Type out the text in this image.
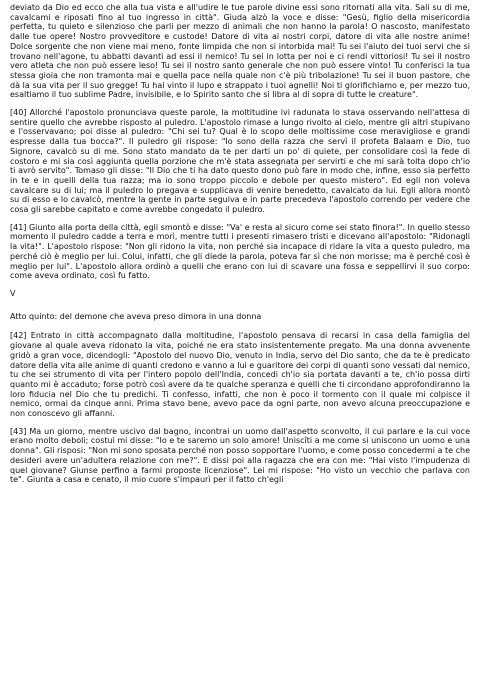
deviato da Dio ed ecco che alla tua vista e all'udire le tue parole divine essi sono ritornati alla vita. Sali su di me, cavalcami e riposati fino al tuo ingresso in città". Giuda alzò la voce e disse: "Gesù, figlio della misericordia perfetta, tu quieto e silenzioso che parli per mezzo di animali che non hanno la parola! O nascosto, manifestato dalle tue opere! Nostro provveditore e custode! Datore di vita ai nostri corpi, datore di vita alle nostre anime! Dolce sorgente che non viene mai meno, fonte limpida che non si intorbida mai! Tu sei l'aiuto dei tuoi servi che si trovano nell'agone, tu abbatti davanti ad essi il nemico! Tu sei in lotta per noi e ci rendi vittoriosi! Tu sei il nostro vero atleta che non può essere leso! Tu sei il nostro santo generale che non può essere vinto! Tu conferisci la tua stessa gioia che non tramonta mai e quella pace nella quale non c'è più tribolazione! Tu sei il buon pastore, che dà la sua vita per il suo gregge! Tu hai vinto il lupo e strappato i tuoi agnelli! Noi ti glorifichiamo e, per mezzo tuo, esaltiamo il tuo sublime Padre, invisibile, e lo Spirito santo che si libra al di sopra di tutte le creature".

[40] Allorché l'apostolo pronunciava queste parole, la moltitudine ivi radunata lo stava osservando nell'attesa di sentire quello che avrebbe risposto al puledro. L'apostolo rimase a lungo rivolto al cielo, mentre gli altri stupivano e l'osservavano; poi disse al puledro: "Chi sei tu? Qual è lo scopo delle moltissime cose meravigliose e grandi espresse dalla tua bocca?". Il puledro gli rispose: "Io sono della razza che servì il profeta Balaam e Dio, tuo Signore, cavalcò su di me. Sono stato mandato da te per darti un po' di quiete, per consolidare così la fede di costoro e mi sia così aggiunta quella porzione che m'è stata assegnata per servirti e che mi sarà tolta dopo ch'io ti avrò servito". Tomaso gli disse: "Il Dio che ti ha dato questo dono può fare in modo che, infine, esso sia perfetto in te e in quelli della tua razza; ma io sono troppo piccolo e debole per questo mistero". Ed egli non voleva cavalcare su di lui; ma il puledro lo pregava e supplicava di venire benedetto, cavalcato da lui. Egli allora montò su di esso e lo cavalcò, mentre la gente in parte seguiva e in parte precedeva l'apostolo correndo per vedere che cosa gli sarebbe capitato e come avrebbe congedato il puledro.

[41] Giunto alla porta della città, egli smontò e disse: "Va' e resta al sicuro come sei stato finora!". In quello stesso momento il puledro cadde a terra e morì, mentre tutti i presenti rimasero tristi e dicevano all'apostolo: "Ridonagli la vita!". L'apostolo rispose: "Non gli ridono la vita, non perché sia incapace di ridare la vita a questo puledro, ma perché ciò è meglio per lui. Colui, infatti, che gli diede la parola, poteva far sì che non morisse; ma è perché così è meglio per lui". L'apostolo allora ordinò a quelli che erano con lui di scavare una fossa e seppellirvi il suo corpo: come aveva ordinato, così fu fatto.

V

Atto quinto: del demone che aveva preso dimora in una donna

[42] Entrato in città accompagnato dalla moltitudine, l'apostolo pensava di recarsi in casa della famiglia del giovane al quale aveva ridonato la vita, poiché ne era stato insistentemente pregato. Ma una donna avvenente gridò a gran voce, dicendogli: "Apostolo del nuovo Dio, venuto in India, servo del Dio santo, che da te è predicato datore della vita alle anime di quanti credono e vanno a lui e guaritore dei corpi di quanti sono vessati dal nemico, tu che sei strumento di vita per l'intero popolo dell'India, concedi ch'io sia portata davanti a te, ch'io possa dirti quanto mi è accaduto; forse potrò così avere da te qualche speranza e quelli che ti circondano approfondiranno la loro fiducia nel Dio che tu predichi. Ti confesso, infatti, che non è poco il tormento con il quale mi colpisce il nemico, ormai da cinque anni. Prima stavo bene, avevo pace da ogni parte, non avevo alcuna preoccupazione e non conoscevo gli affanni.

[43] Ma un giorno, mentre uscivo dal bagno, incontrai un uomo dall'aspetto sconvolto, il cui parlare e la cui voce erano molto deboli; costui mi disse: "Io e te saremo un solo amore! Uniscîti a me come si uniscono un uomo e una donna". Gli risposi: "Non mi sono sposata perché non posso sopportare l'uomo, e come posso concedermi a te che desideri avere un'adultera relazione con me?". E dissi poi alla ragazza che era con me: "Hai visto l'impudenza di quel giovane? Giunse perfino a farmi proposte licenziose". Lei mi rispose: "Ho visto un vecchio che parlava con te". Giunta a casa e cenato, il mio cuore s'impaurì per il fatto ch'egli
